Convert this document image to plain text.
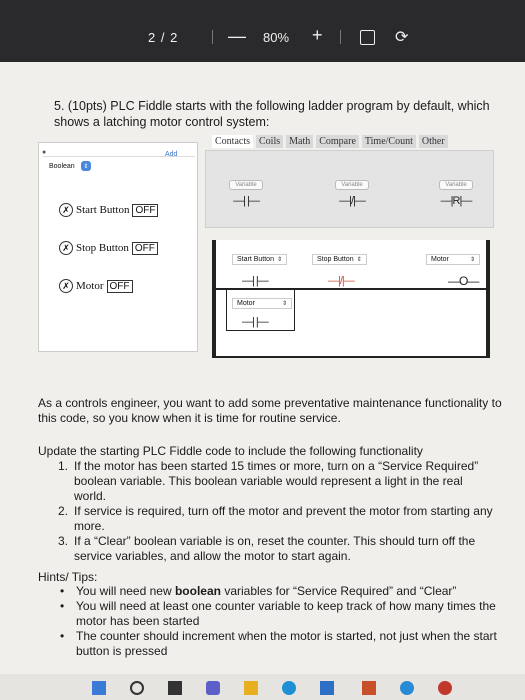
2 / 2	— 80% +	⟳
5. (10pts) PLC Fiddle starts with the following ladder program by default, which shows a latching motor control system:
●
Boolean	⇕
Add
✗ Start Button OFF
✗ Stop Button OFF
✗ Motor OFF
Contacts Coils Math Compare Time/Count Other
Variable
—| |—
Variable
—|/|—
Variable
—|R|—
Start Button ⇕
—| |—
Stop Button ⇕
—|/|—
Motor	⇕
—O—
Motor	⇕
—| |—
As a controls engineer, you want to add some preventative maintenance functionality to this code, so you know when it is time for routine service.
Update the starting PLC Fiddle code to include the following functionality
1. If the motor has been started 15 times or more, turn on a “Service Required” boolean variable. This boolean variable would represent a light in the real world.
2. If service is required, turn off the motor and prevent the motor from starting any more.
3. If a “Clear” boolean variable is on, reset the counter. This should turn off the service variables, and allow the motor to start again.
Hints/ Tips:
• You will need new boolean variables for “Service Required” and “Clear”
• You will need at least one counter variable to keep track of how many times the motor has been started
• The counter should increment when the motor is started, not just when the start button is pressed
